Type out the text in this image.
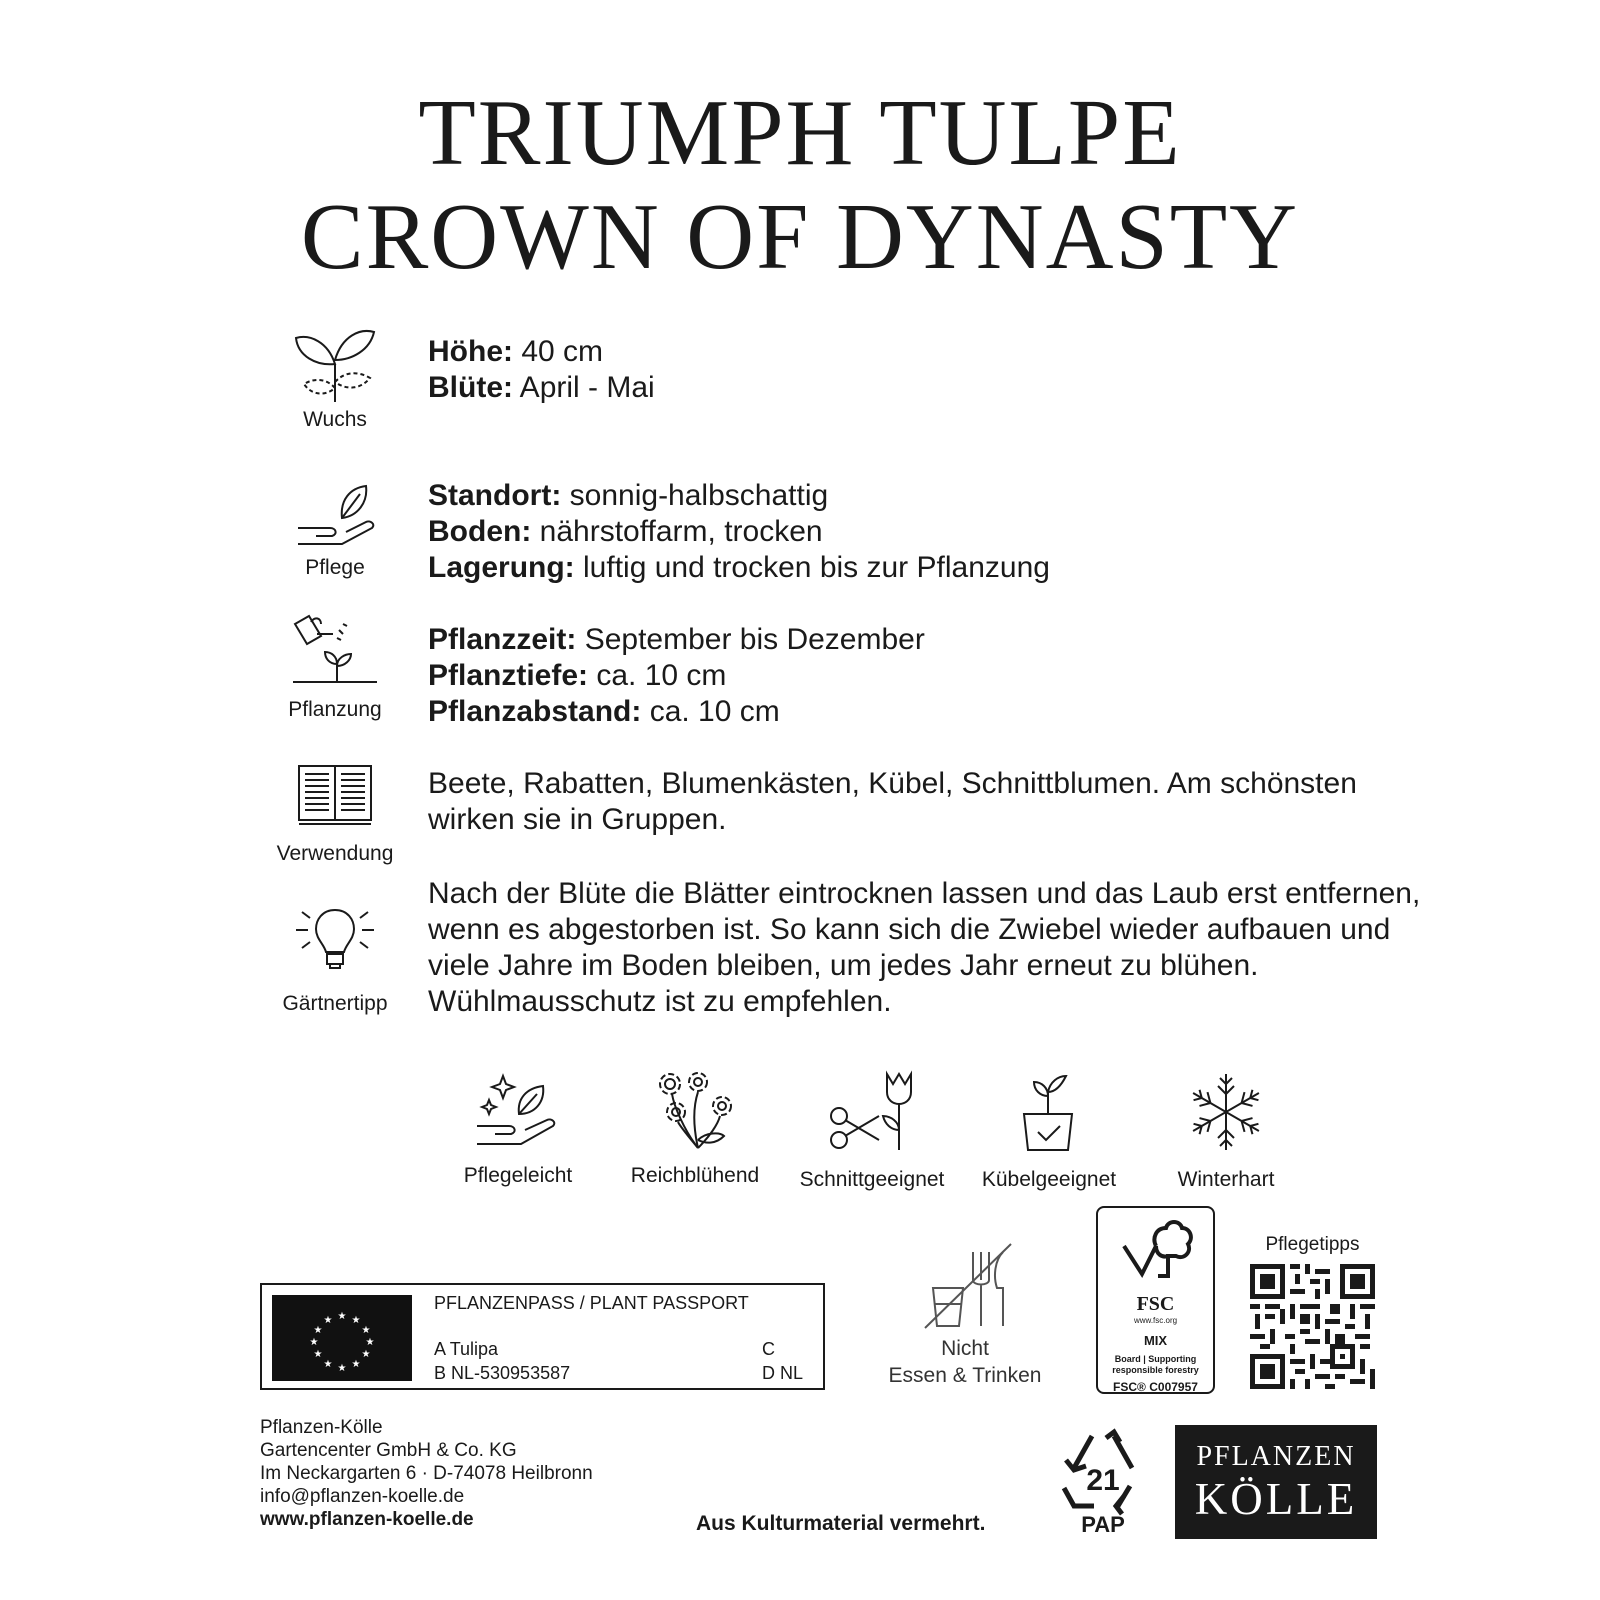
TRIUMPH TULPE
CROWN OF DYNASTY
Wuchs
Höhe: 40 cm
Blüte: April - Mai
Pflege
Standort: sonnig-halbschattig
Boden: nährstoffarm, trocken
Lagerung: luftig und trocken bis zur Pflanzung
Pflanzung
Pflanzzeit: September bis Dezember
Pflanztiefe: ca. 10 cm
Pflanzabstand: ca. 10 cm
Verwendung
Beete, Rabatten, Blumenkästen, Kübel, Schnittblumen. Am schönsten wirken sie in Gruppen.
Gärtnertipp
Nach der Blüte die Blätter eintrocknen lassen und das Laub erst entfernen, wenn es abgestorben ist. So kann sich die Zwiebel wieder aufbauen und viele Jahre im Boden bleiben, um jedes Jahr erneut zu blühen. Wühlmausschutz ist zu empfehlen.
Pflegeleicht	Reichblühend	Schnittgeeignet	Kübelgeeignet	Winterhart
★ ★
★
★
★
★
★
★
★
★
★
★
PFLANZENPASS / PLANT PASSPORT
A Tulipa
B NL-530953587
C
D NL
Nicht
Essen & Trinken
FSC
www.fsc.org
MIX
Board | Supporting
responsible forestry
FSC® C007957
Pflegetipps
Pflanzen-Kölle
Gartencenter GmbH & Co. KG
Im Neckargarten 6 · D-74078 Heilbronn
info@pflanzen-koelle.de
www.pflanzen-koelle.de	Aus Kulturmaterial vermehrt.
21
PAP
PFLANZEN
KÖLLE
